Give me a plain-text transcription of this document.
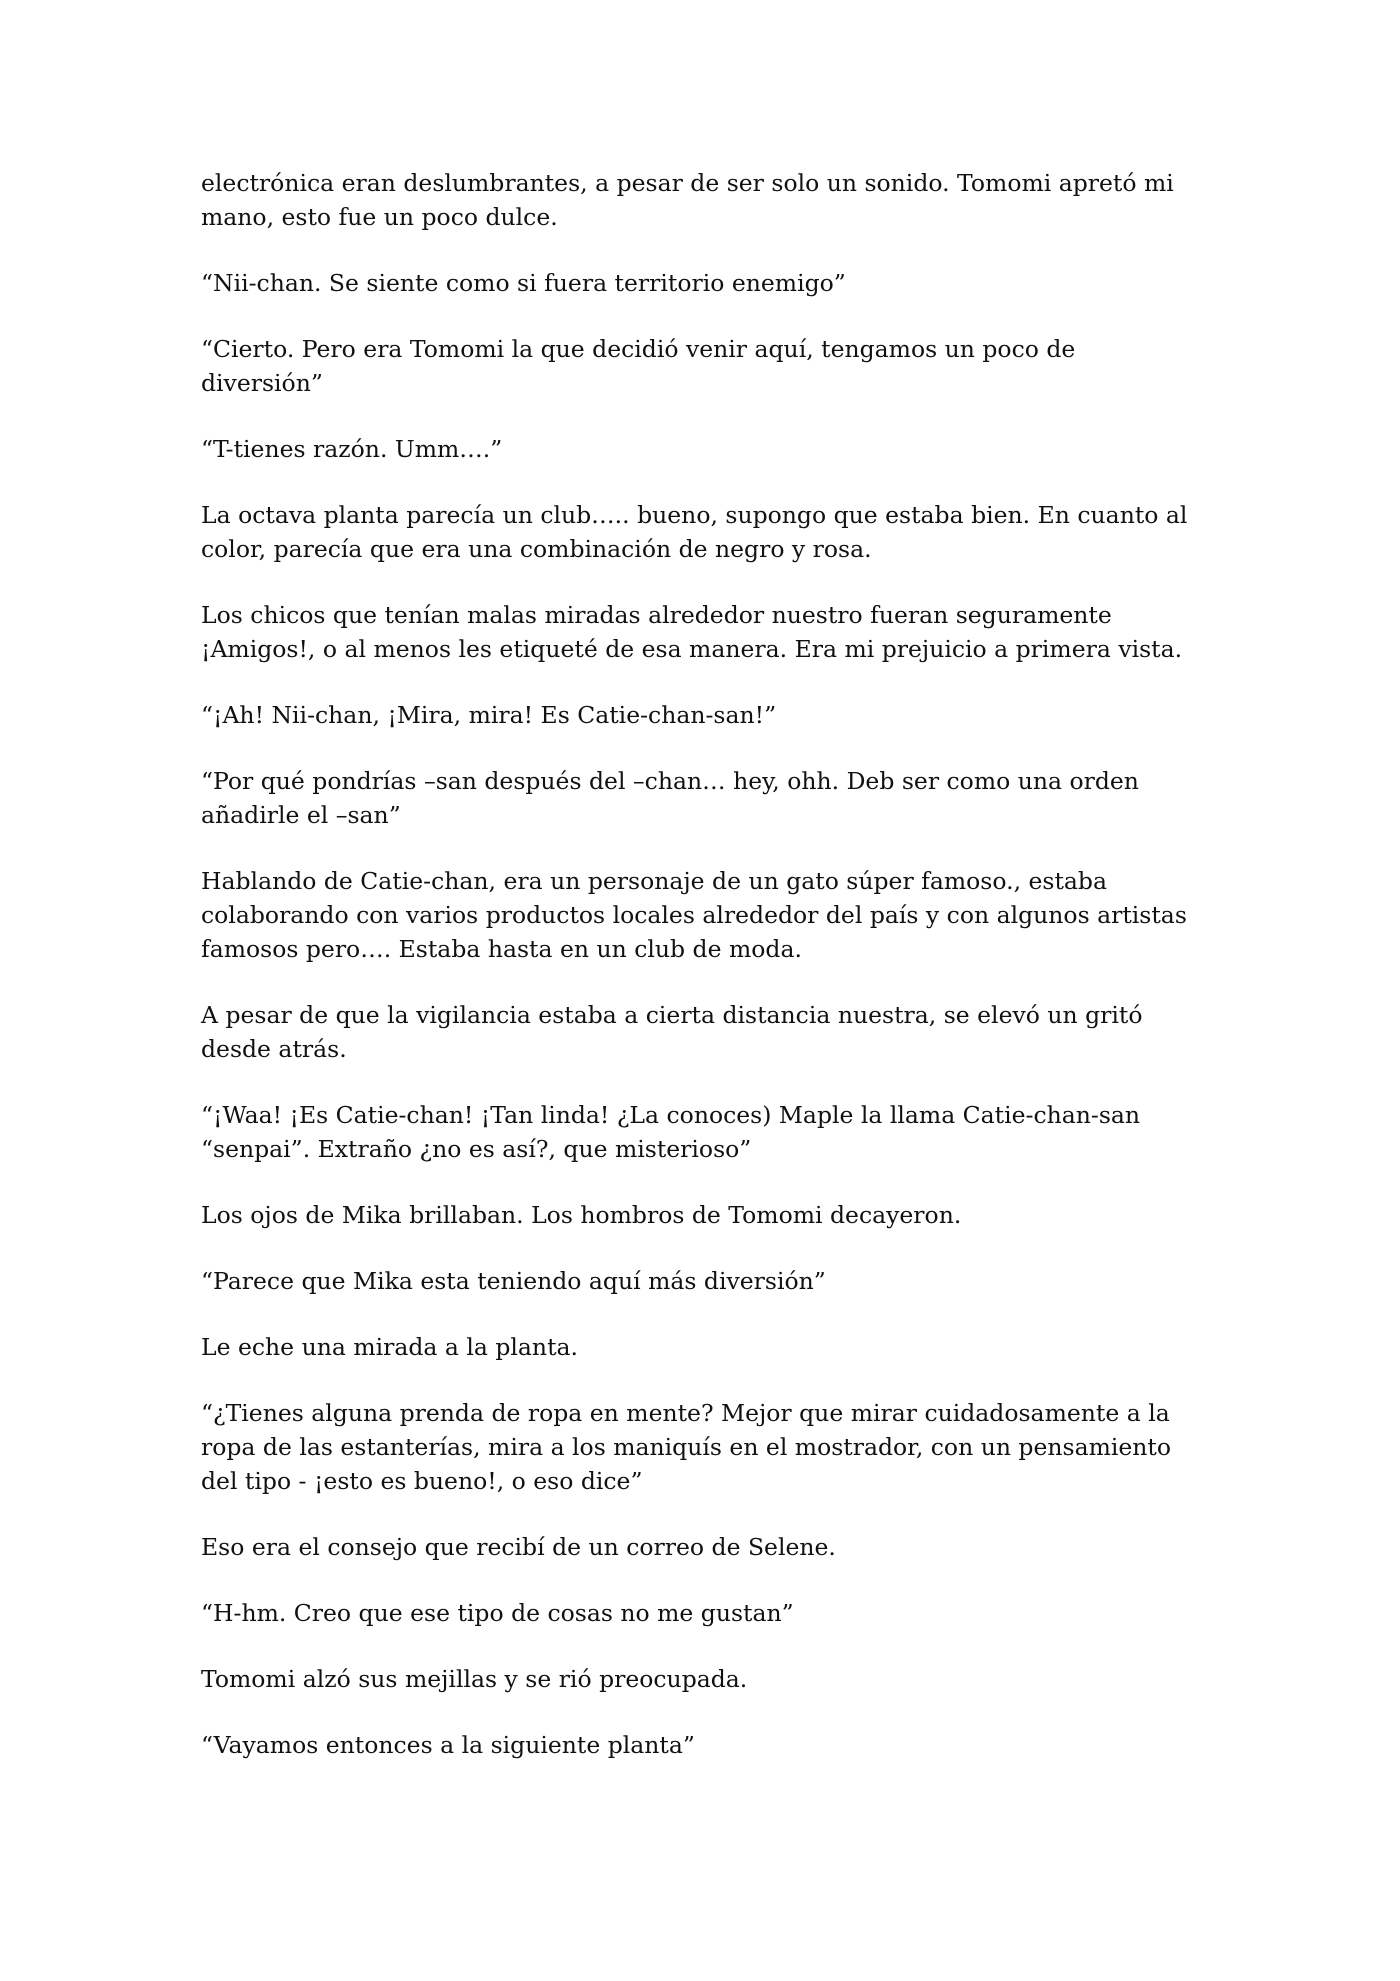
electrónica eran deslumbrantes, a pesar de ser solo un sonido. Tomomi apretó mi mano, esto fue un poco dulce.

“Nii-chan. Se siente como si fuera territorio enemigo”

“Cierto. Pero era Tomomi la que decidió venir aquí, tengamos un poco de diversión”

“T-tienes razón. Umm….”

La octava planta parecía un club….. bueno, supongo que estaba bien. En cuanto al color, parecía que era una combinación de negro y rosa.

Los chicos que tenían malas miradas alrededor nuestro fueran seguramente ¡Amigos!, o al menos les etiqueté de esa manera. Era mi prejuicio a primera vista.

“¡Ah! Nii-chan, ¡Mira, mira! Es Catie-chan-san!”

“Por qué pondrías –san después del –chan… hey, ohh. Deb ser como una orden añadirle el –san”

Hablando de Catie-chan, era un personaje de un gato súper famoso., estaba colaborando con varios productos locales alrededor del país y con algunos artistas famosos pero…. Estaba hasta en un club de moda.

A pesar de que la vigilancia estaba a cierta distancia nuestra, se elevó un gritó desde atrás.

“¡Waa! ¡Es Catie-chan! ¡Tan linda! ¿La conoces) Maple la llama Catie-chan-san “senpai”. Extraño ¿no es así?, que misterioso”

Los ojos de Mika brillaban. Los hombros de Tomomi decayeron.

“Parece que Mika esta teniendo aquí más diversión”

Le eche una mirada a la planta.

“¿Tienes alguna prenda de ropa en mente? Mejor que mirar cuidadosamente a la ropa de las estanterías, mira a los maniquís en el mostrador, con un pensamiento del tipo - ¡esto es bueno!, o eso dice”

Eso era el consejo que recibí de un correo de Selene.

“H-hm. Creo que ese tipo de cosas no me gustan”

Tomomi alzó sus mejillas y se rió preocupada.

“Vayamos entonces a la siguiente planta”
